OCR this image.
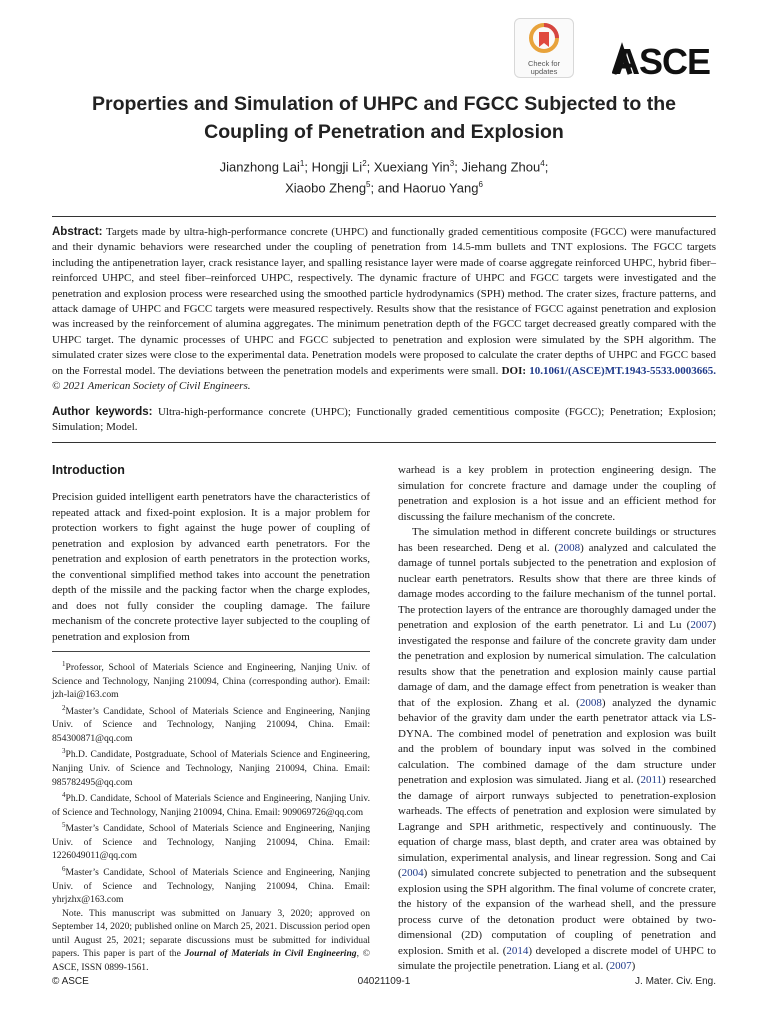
Check for
updates	ASCE
Properties and Simulation of UHPC and FGCC Subjected to the Coupling of Penetration and Explosion
Jianzhong Lai$^1$; Hongji Li$^2$; Xuexiang Yin$^3$; Jiehang Zhou$^4$;
Xiaobo Zheng$^5$; and Haoruo Yang$^6$
Abstract: Targets made by ultra-high-performance concrete (UHPC) and functionally graded cementitious composite (FGCC) were manufactured and their dynamic behaviors were researched under the coupling of penetration from 14.5-mm bullets and TNT explosions. The FGCC targets including the antipenetration layer, crack resistance layer, and spalling resistance layer were made of coarse aggregate reinforced UHPC, hybrid fiber–reinforced UHPC, and steel fiber–reinforced UHPC, respectively. The dynamic fracture of UHPC and FGCC targets were investigated and the penetration and explosion process were researched using the smoothed particle hydrodynamics (SPH) method. The crater sizes, fracture patterns, and attack damage of UHPC and FGCC targets were measured respectively. Results show that the resistance of FGCC against penetration and explosion was increased by the reinforcement of alumina aggregates. The minimum penetration depth of the FGCC target decreased greatly compared with the UHPC target. The dynamic processes of UHPC and FGCC subjected to penetration and explosion were simulated by the SPH algorithm. The simulated crater sizes were close to the experimental data. Penetration models were proposed to calculate the crater depths of UHPC and FGCC based on the Forrestal model. The deviations between the penetration models and experiments were small. DOI: 10.1061/(ASCE)MT.1943-5533.0003665. © 2021 American Society of Civil Engineers.
Author keywords: Ultra-high-performance concrete (UHPC); Functionally graded cementitious composite (FGCC); Penetration; Explosion; Simulation; Model.
Introduction

Precision guided intelligent earth penetrators have the characteristics of repeated attack and fixed-point explosion. It is a major problem for protection workers to fight against the huge power of coupling of penetration and explosion by advanced earth penetrators. For the penetration and explosion of earth penetrators in the protection works, the conventional simplified method takes into account the penetration depth of the missile and the packing factor when the charge explodes, and does not fully consider the coupling damage. The failure mechanism of the concrete protective layer subjected to the coupling of penetration and explosion from

$^1$Professor, School of Materials Science and Engineering, Nanjing Univ. of Science and Technology, Nanjing 210094, China (corresponding author). Email: jzh-lai@163.com

$^2$Master’s Candidate, School of Materials Science and Engineering, Nanjing Univ. of Science and Technology, Nanjing 210094, China. Email: 854300871@qq.com

$^3$Ph.D. Candidate, Postgraduate, School of Materials Science and Engineering, Nanjing Univ. of Science and Technology, Nanjing 210094, China. Email: 985782495@qq.com

$^4$Ph.D. Candidate, School of Materials Science and Engineering, Nanjing Univ. of Science and Technology, Nanjing 210094, China. Email: 909069726@qq.com

$^5$Master’s Candidate, School of Materials Science and Engineering, Nanjing Univ. of Science and Technology, Nanjing 210094, China. Email: 1226049011@qq.com

$^6$Master’s Candidate, School of Materials Science and Engineering, Nanjing Univ. of Science and Technology, Nanjing 210094, China. Email: yhrjzhx@163.com

Note. This manuscript was submitted on January 3, 2020; approved on September 14, 2020; published online on March 25, 2021. Discussion period open until August 25, 2021; separate discussions must be submitted for individual papers. This paper is part of the Journal of Materials in Civil Engineering, © ASCE, ISSN 0899-1561.

warhead is a key problem in protection engineering design. The simulation for concrete fracture and damage under the coupling of penetration and explosion is a hot issue and an efficient method for discussing the failure mechanism of the concrete.

The simulation method in different concrete buildings or structures has been researched. Deng et al. (2008) analyzed and calculated the damage of tunnel portals subjected to the penetration and explosion of nuclear earth penetrators. Results show that there are three kinds of damage modes according to the failure mechanism of the tunnel portal. The protection layers of the entrance are thoroughly damaged under the penetration and explosion of the earth penetrator. Li and Lu (2007) investigated the response and failure of the concrete gravity dam under the penetration and explosion by numerical simulation. The calculation results show that the penetration and explosion mainly cause partial damage of dam, and the damage effect from penetration is weaker than that of the explosion. Zhang et al. (2008) analyzed the dynamic behavior of the gravity dam under the earth penetrator attack via LS-DYNA. The combined model of penetration and explosion was built and the problem of boundary input was solved in the combined calculation. The combined damage of the dam structure under penetration and explosion was simulated. Jiang et al. (2011) researched the damage of airport runways subjected to penetration-explosion warheads. The effects of penetration and explosion were simulated by Lagrange and SPH arithmetic, respectively and continuously. The equation of charge mass, blast depth, and crater area was obtained by simulation, experimental analysis, and linear regression. Song and Cai (2004) simulated concrete subjected to penetration and the subsequent explosion using the SPH algorithm. The final volume of concrete crater, the history of the expansion of the warhead shell, and the pressure process curve of the detonation product were obtained by two-dimensional (2D) computation of coupling of penetration and explosion. Smith et al. (2014) developed a discrete model of UHPC to simulate the projectile penetration. Liang et al. (2007)

© ASCE	04021109-1	J. Mater. Civ. Eng.
